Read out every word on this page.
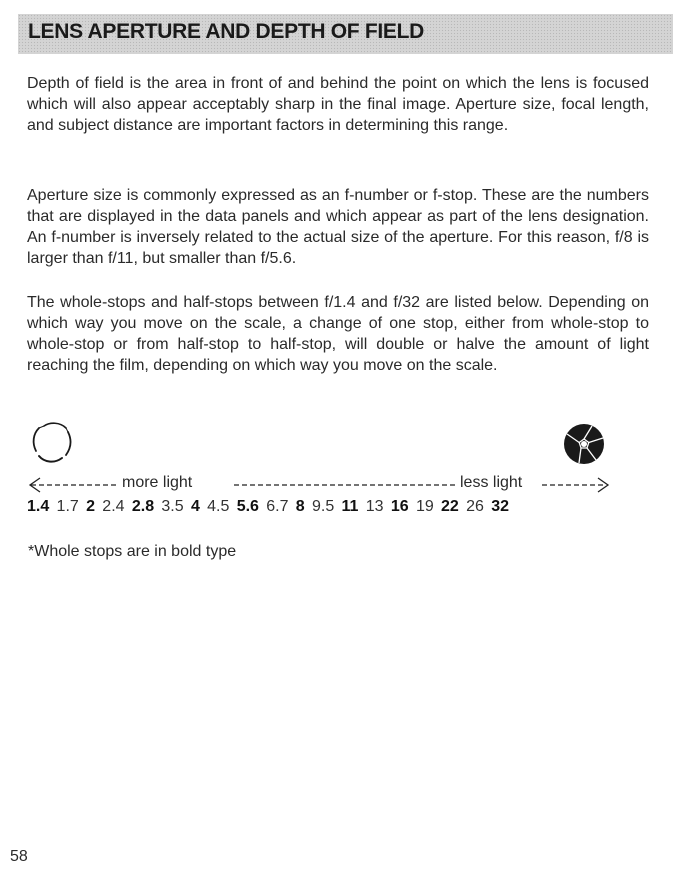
LENS APERTURE AND DEPTH OF FIELD

Depth of field is the area in front of and behind the point on which the lens is focused which will also appear acceptably sharp in the final image. Aperture size, focal length, and subject distance are important factors in determining this range.

Aperture size is commonly expressed as an f-number or f-stop. These are the numbers that are displayed in the data panels and which appear as part of the lens designation. An f-number is inversely related to the actual size of the aperture. For this reason, f/8 is larger than f/11, but smaller than f/5.6.

The whole-stops and half-stops between f/1.4 and f/32 are listed below. Depending on which way you move on the scale, a change of one stop, either from whole-stop to whole-stop or from half-stop to half-stop, will double or halve the amount of light reaching the film, depending on which way you move on the scale.

more light	less light
1.4 1.7 2 2.4 2.8 3.5 4 4.5 5.6 6.7 8 9.5 11 13 16 19 22 26 32
*Whole stops are in bold type
58
